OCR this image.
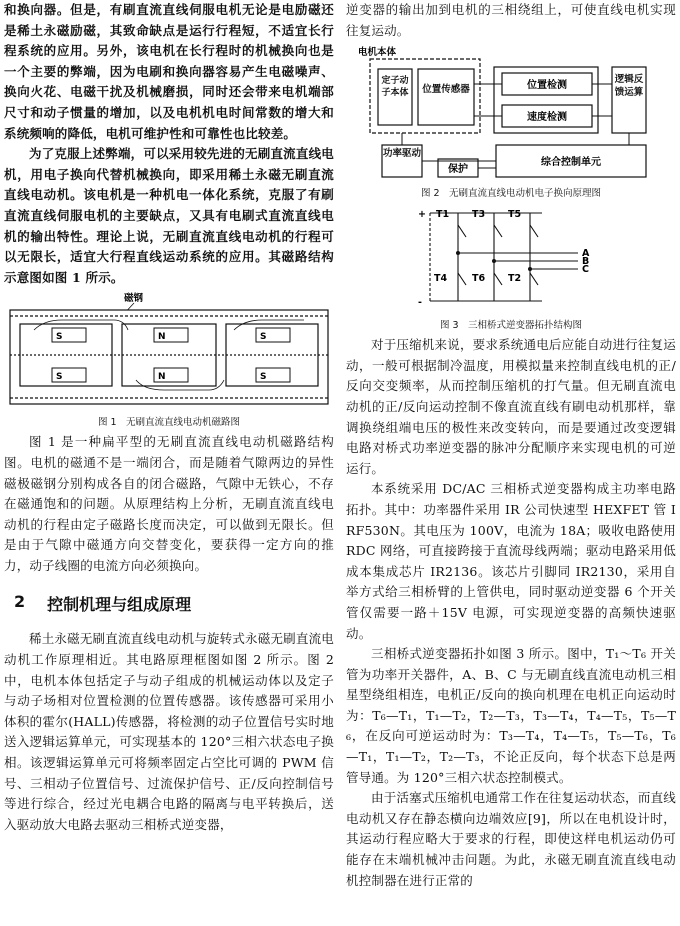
和换向器。但是，有刷直流直线伺服电机无论是电励磁还是稀土永磁励磁，其致命缺点是运行行程短，不适宜长行程系统的应用。另外，该电机在长行程时的机械换向也是一个主要的弊端，因为电刷和换向器容易产生电磁噪声、换向火花、电磁干扰及机械磨损，同时还会带来电机端部尺寸和动子惯量的增加，以及电机机电时间常数的增大和系统频响的降低，电机可维护性和可靠性也比较差。

为了克服上述弊端，可以采用较先进的无刷直流直线电机，用电子换向代替机械换向，即采用稀土永磁无刷直流直线电动机。该电机是一种机电一体化系统，克服了有刷直流直线伺服电机的主要缺点，又具有电刷式直流直线电机的输出特性。理论上说，无刷直流直线电动机的行程可以无限长，适宜大行程直线运动系统的应用。其磁路结构示意图如图 1 所示。

磁钢
S
S
N
N
S
S
图 1　无刷直流直线电动机磁路图

图 1 是一种扁平型的无刷直流直线电动机磁路结构图。电机的磁通不是一端闭合，而是随着气隙两边的异性磁极磁钢分别构成各自的闭合磁路，气隙中无铁心，不存在磁通饱和的问题。从原理结构上分析，无刷直流直线电动机的行程由定子磁路长度而决定，可以做到无限长。但是由于气隙中磁通方向交替变化，要获得一定方向的推力，动子线圈的电流方向必须换向。

2 控制机理与组成原理

稀土永磁无刷直流直线电动机与旋转式永磁无刷直流电动机工作原理相近。其电路原理框图如图 2 所示。图 2 中，电机本体包括定子与动子组成的机械运动体以及定子与动子场相对位置检测的位置传感器。该传感器可采用小体积的霍尔(HALL)传感器，将检测的动子位置信号实时地送入逻辑运算单元，可实现基本的 120°三相六状态电子换相。该逻辑运算单元可将频率固定占空比可调的 PWM 信号、三相动子位置信号、过流保护信号、正/反向控制信号等进行综合，经过光电耦合电路的隔离与电平转换后，送入驱动放大电路去驱动三相桥式逆变器，

逆变器的输出加到电机的三相绕组上，可使直线电机实现往复运动。

电机本体
定子动子本体 位置传感器	位置检测
速度检测
逻辑反馈运算
功率驱动
保护
综合控制单元
图 2　无刷直流直线电动机电子换向原理图
+
-
T1 T3 T5
T4	T6 T2
A
B
C
图 3　三相桥式逆变器拓扑结构图

对于压缩机来说，要求系统通电后应能自动进行往复运动，一般可根据制冷温度，用模拟量来控制直线电机的正/反向交变频率，从而控制压缩机的打气量。但无刷直流电动机的正/反向运动控制不像直流直线有刷电动机那样，靠调换绕组端电压的极性来改变转向，而是要通过改变逻辑电路对桥式功率逆变器的脉冲分配顺序来实现电机的可逆运行。

本系统采用 DC/AC 三相桥式逆变器构成主功率电路拓扑。其中：功率器件采用 IR 公司快速型 HEXFET 管 IRF530N。其电压为 100V，电流为 18A；吸收电路使用 RDC 网络，可直接跨接于直流母线两端；驱动电路采用低成本集成芯片 IR2136。该芯片引脚同 IR2130，采用自举方式给三相桥臂的上管供电，同时驱动逆变器 6 个开关管仅需要一路＋15V 电源，可实现逆变器的高频快速驱动。

三相桥式逆变器拓扑如图 3 所示。图中，T₁～T₆ 开关管为功率开关器件，A、B、C 与无刷直线直流电动机三相星型绕组相连，电机正/反向的换向机理在电机正向运动时为：T₆—T₁，T₁—T₂，T₂—T₃，T₃—T₄，T₄—T₅，T₅—T₆，在反向可逆运动时为：T₃—T₄，T₄—T₅，T₅—T₆，T₆—T₁，T₁—T₂，T₂—T₃，不论正反向，每个状态下总是两管导通。为 120°三相六状态控制模式。

由于活塞式压缩机电通常工作在往复运动状态，而直线电动机又存在静态横向边端效应[9]，所以在电机设计时，其运动行程应略大于要求的行程，即使这样电机运动仍可能存在末端机械冲击问题。为此，永磁无刷直流直线电动机控制器在进行正常的
